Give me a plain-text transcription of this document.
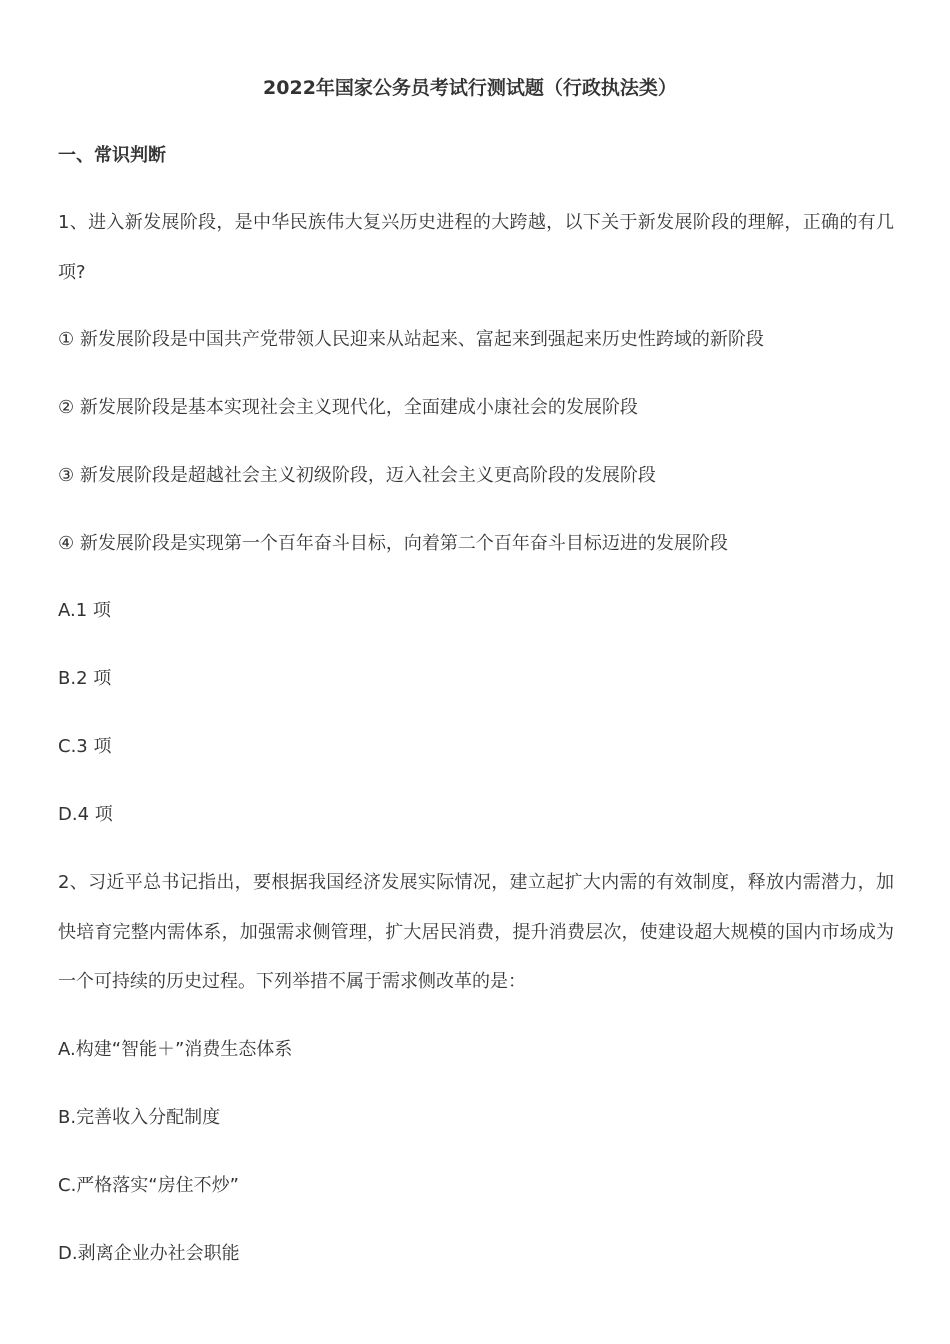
2022年国家公务员考试行测试题（行政执法类）
一、常识判断
1、进入新发展阶段，是中华民族伟大复兴历史进程的大跨越，以下关于新发展阶段的理解，正确的有几项?
① 新发展阶段是中国共产党带领人民迎来从站起来、富起来到强起来历史性跨域的新阶段
② 新发展阶段是基本实现社会主义现代化，全面建成小康社会的发展阶段
③ 新发展阶段是超越社会主义初级阶段，迈入社会主义更高阶段的发展阶段
④ 新发展阶段是实现第一个百年奋斗目标，向着第二个百年奋斗目标迈进的发展阶段
A.1 项
B.2 项
C.3 项
D.4 项
2、习近平总书记指出，要根据我国经济发展实际情况，建立起扩大内需的有效制度，释放内需潜力，加快培育完整内需体系，加强需求侧管理，扩大居民消费，提升消费层次，使建设超大规模的国内市场成为一个可持续的历史过程。下列举措不属于需求侧改革的是：
A.构建“智能＋”消费生态体系
B.完善收入分配制度
C.严格落实“房住不炒”
D.剥离企业办社会职能
